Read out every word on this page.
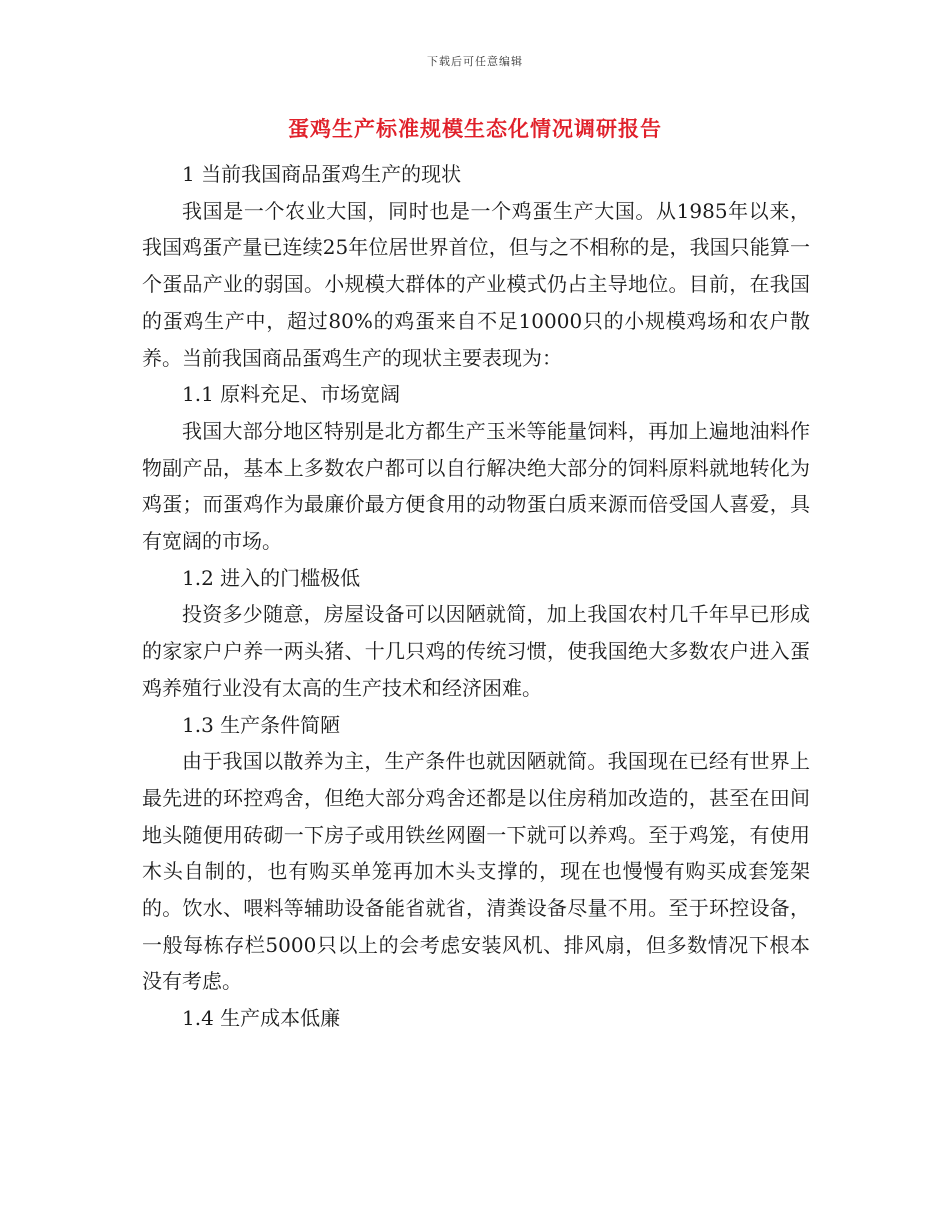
下载后可任意编辑
蛋鸡生产标准规模生态化情况调研报告

1 当前我国商品蛋鸡生产的现状

我国是一个农业大国，同时也是一个鸡蛋生产大国。从1985年以来，我国鸡蛋产量已连续25年位居世界首位，但与之不相称的是，我国只能算一个蛋品产业的弱国。小规模大群体的产业模式仍占主导地位。目前，在我国的蛋鸡生产中，超过80%的鸡蛋来自不足10000只的小规模鸡场和农户散养。当前我国商品蛋鸡生产的现状主要表现为：

1.1 原料充足、市场宽阔

我国大部分地区特别是北方都生产玉米等能量饲料，再加上遍地油料作物副产品，基本上多数农户都可以自行解决绝大部分的饲料原料就地转化为鸡蛋；而蛋鸡作为最廉价最方便食用的动物蛋白质来源而倍受国人喜爱，具有宽阔的市场。

1.2 进入的门槛极低

投资多少随意，房屋设备可以因陋就简，加上我国农村几千年早已形成的家家户户养一两头猪、十几只鸡的传统习惯，使我国绝大多数农户进入蛋鸡养殖行业没有太高的生产技术和经济困难。

1.3 生产条件简陋

由于我国以散养为主，生产条件也就因陋就简。我国现在已经有世界上最先进的环控鸡舍，但绝大部分鸡舍还都是以住房稍加改造的，甚至在田间地头随便用砖砌一下房子或用铁丝网圈一下就可以养鸡。至于鸡笼，有使用木头自制的，也有购买单笼再加木头支撑的，现在也慢慢有购买成套笼架的。饮水、喂料等辅助设备能省就省，清粪设备尽量不用。至于环控设备，一般每栋存栏5000只以上的会考虑安装风机、排风扇，但多数情况下根本没有考虑。

1.4 生产成本低廉
